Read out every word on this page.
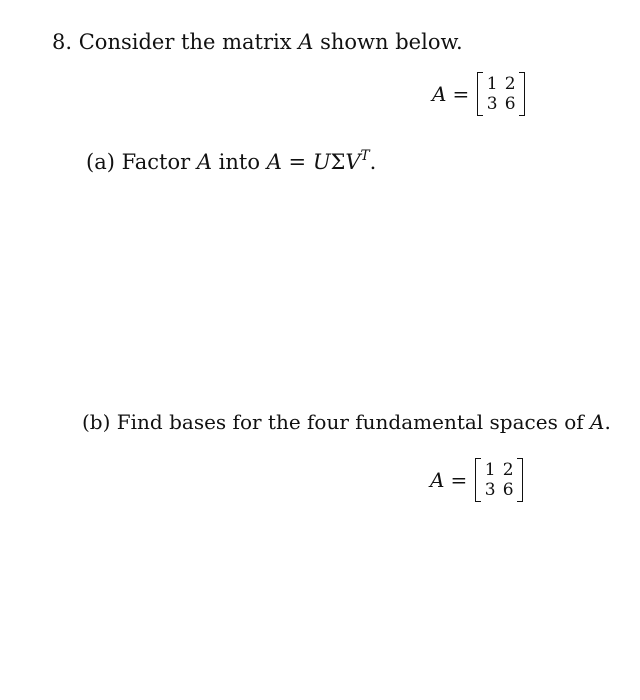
8. Consider the matrix A shown below.
A = 1 2
3 6
(a) Factor A into $A = U\Sigma V^T$.
(b) Find bases for the four fundamental spaces of A.
A = 1 2
3 6
